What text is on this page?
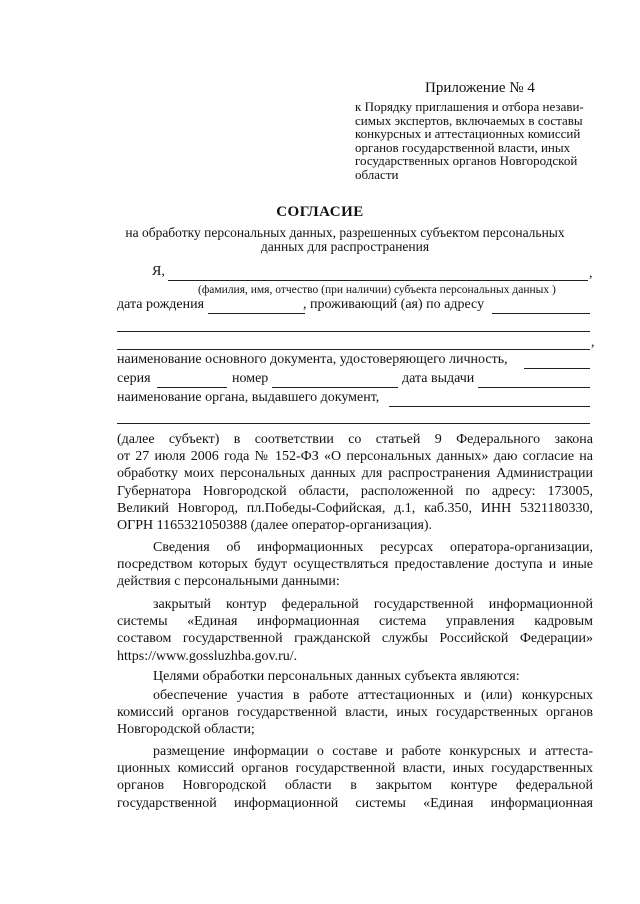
Приложение № 4
к Порядку приглашения и отбора незави-
симых экспертов, включаемых в составы
конкурсных и аттестационных комиссий
органов государственной власти, иных
государственных органов Новгородской
области
СОГЛАСИЕ
на обработку персональных данных, разрешенных субъектом персональных
данных для распространения
Я,	,
(фамилия, имя, отчество (при наличии) субъекта персональных данных )
дата рождения	, проживающий (ая) по адресу
,
наименование основного документа, удостоверяющего личность,
серия	номер	дата выдачи
наименование органа, выдавшего документ,
(далее субъект) в соответствии со статьей 9 Федерального закона
от 27 июля 2006 года № 152-ФЗ «О персональных данных» даю согласие на
обработку моих персональных данных для распространения Администрации
Губернатора Новгородской области, расположенной по адресу: 173005,
Великий Новгород, пл.Победы-Софийская, д.1, каб.350, ИНН 5321180330,
ОГРН 1165321050388 (далее оператор-организация).
Сведения об информационных ресурсах оператора-организации,
посредством которых будут осуществляться предоставление доступа и иные
действия с персональными данными:
закрытый контур федеральной государственной информационной
системы «Единая информационная система управления кадровым
составом государственной гражданской службы Российской Федерации»
https://www.gossluzhba.gov.ru/.
Целями обработки персональных данных субъекта являются:
обеспечение участия в работе аттестационных и (или) конкурсных
комиссий органов государственной власти, иных государственных органов
Новгородской области;
размещение информации о составе и работе конкурсных и аттеста-
ционных комиссий органов государственной власти, иных государственных
органов Новгородской области в закрытом контуре федеральной
государственной информационной системы «Единая информационная
